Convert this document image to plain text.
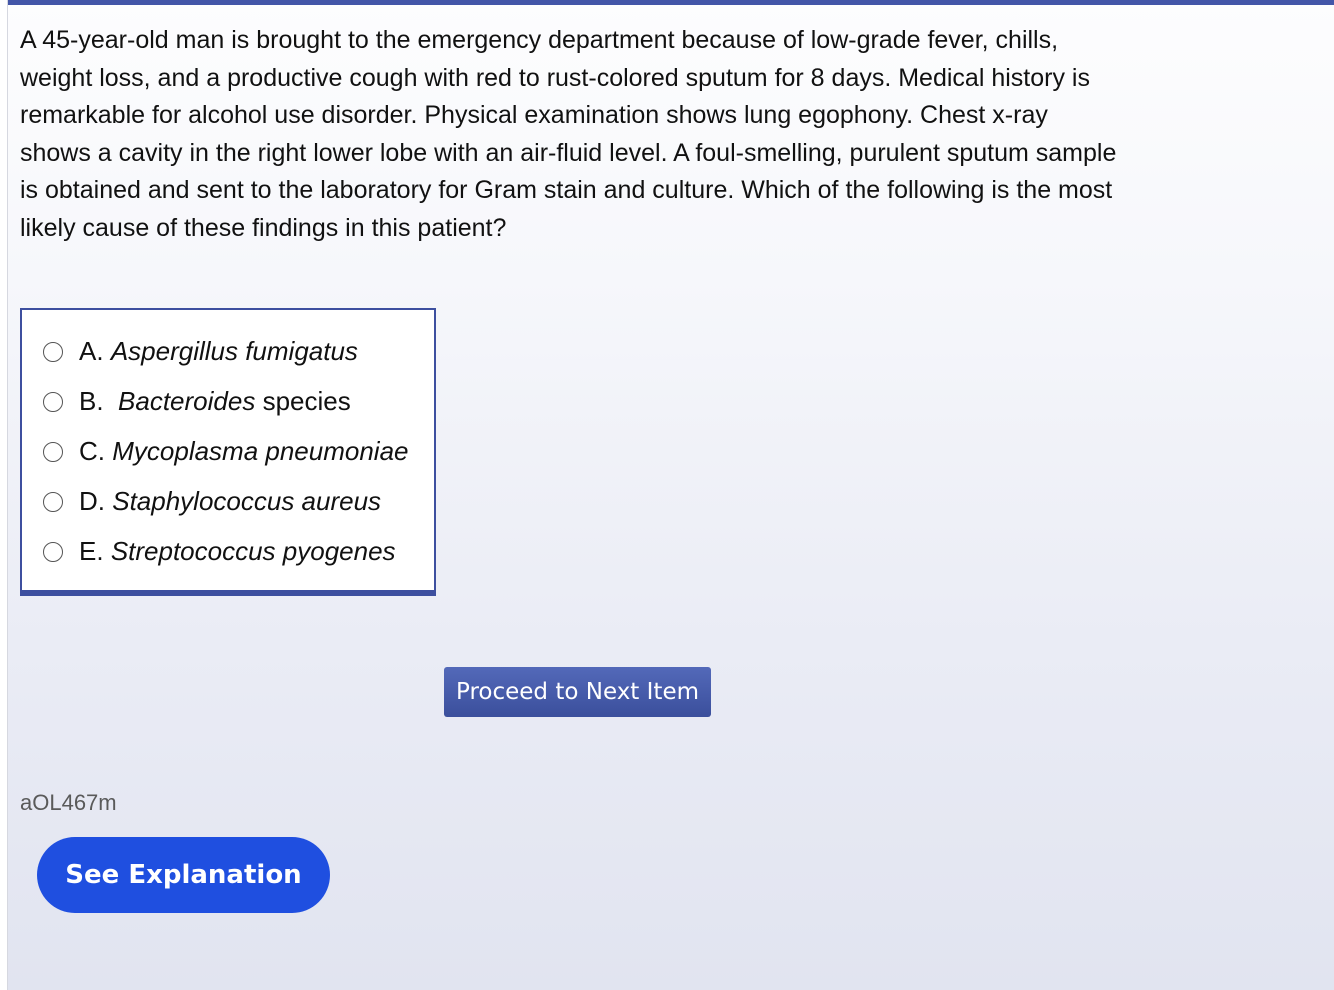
A 45-year-old man is brought to the emergency department because of low-grade fever, chills, weight loss, and a productive cough with red to rust-colored sputum for 8 days. Medical history is remarkable for alcohol use disorder. Physical examination shows lung egophony. Chest x-ray shows a cavity in the right lower lobe with an air-fluid level. A foul-smelling, purulent sputum sample is obtained and sent to the laboratory for Gram stain and culture. Which of the following is the most likely cause of these findings in this patient?

A. Aspergillus fumigatus
B. Bacteroides species
C. Mycoplasma pneumoniae
D. Staphylococcus aureus
E. Streptococcus pyogenes
Proceed to Next Item
aOL467m
See Explanation
